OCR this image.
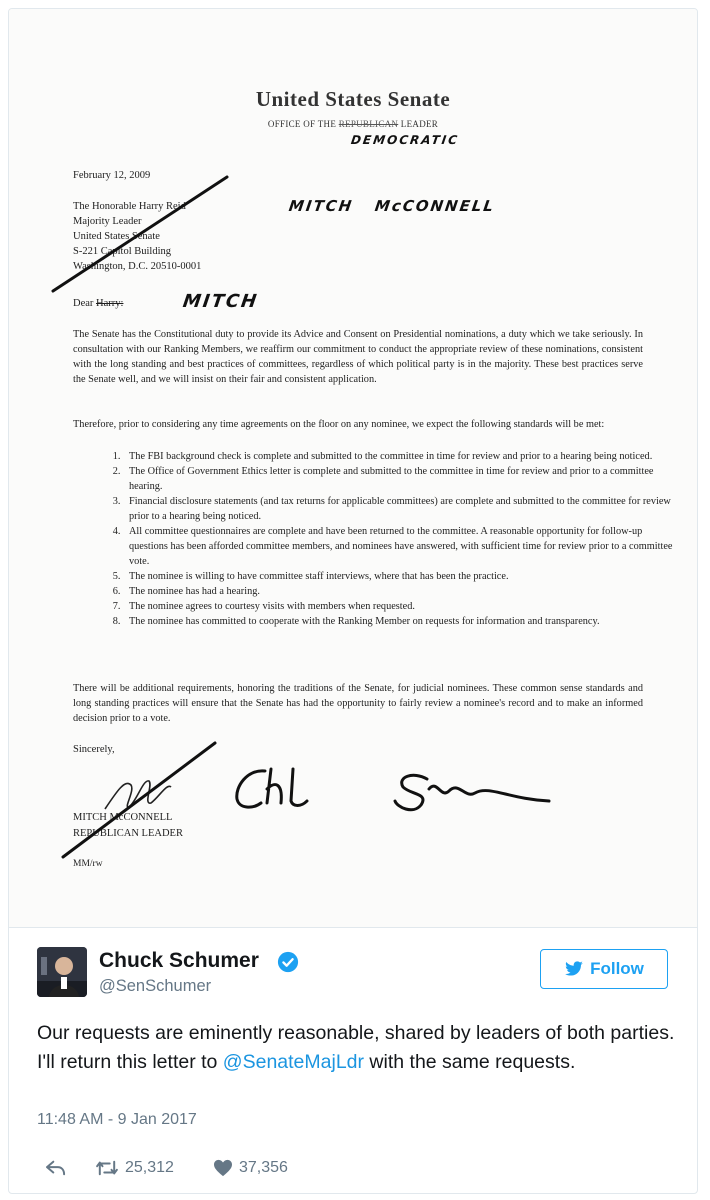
United States Senate
OFFICE OF THE REPUBLICAN LEADER
DEMOCRATIC
February 12, 2009
The Honorable Harry Reid
Majority Leader
United States Senate
S-221 Capitol Building
Washington, D.C. 20510-0001
MITCH   McCONNELL
Dear Harry:	MITCH
The Senate has the Constitutional duty to provide its Advice and Consent on Presidential nominations, a duty which we take seriously. In consultation with our Ranking Members, we reaffirm our commitment to conduct the appropriate review of these nominations, consistent with the long standing and best practices of committees, regardless of which political party is in the majority. These best practices serve the Senate well, and we will insist on their fair and consistent application.
Therefore, prior to considering any time agreements on the floor on any nominee, we expect the following standards will be met:
1. The FBI background check is complete and submitted to the committee in time for review and prior to a hearing being noticed.
2. The Office of Government Ethics letter is complete and submitted to the committee in time for review and prior to a committee hearing.
3. Financial disclosure statements (and tax returns for applicable committees) are complete and submitted to the committee for review prior to a hearing being noticed.
4. All committee questionnaires are complete and have been returned to the committee. A reasonable opportunity for follow-up questions has been afforded committee members, and nominees have answered, with sufficient time for review prior to a committee vote.
5. The nominee is willing to have committee staff interviews, where that has been the practice.
6. The nominee has had a hearing.
7. The nominee agrees to courtesy visits with members when requested.
8. The nominee has committed to cooperate with the Ranking Member on requests for information and transparency.
There will be additional requirements, honoring the traditions of the Senate, for judicial nominees. These common sense standards and long standing practices will ensure that the Senate has had the opportunity to fairly review a nominee's record and to make an informed decision prior to a vote.
Sincerely,
MITCH McCONNELL
REPUBLICAN LEADER
MM/rw
Chuck Schumer
@SenSchumer
Follow
Our requests are eminently reasonable, shared by leaders of both parties. I'll return this letter to @SenateMajLdr with the same requests.
11:48 AM - 9 Jan 2017
25,312	37,356
